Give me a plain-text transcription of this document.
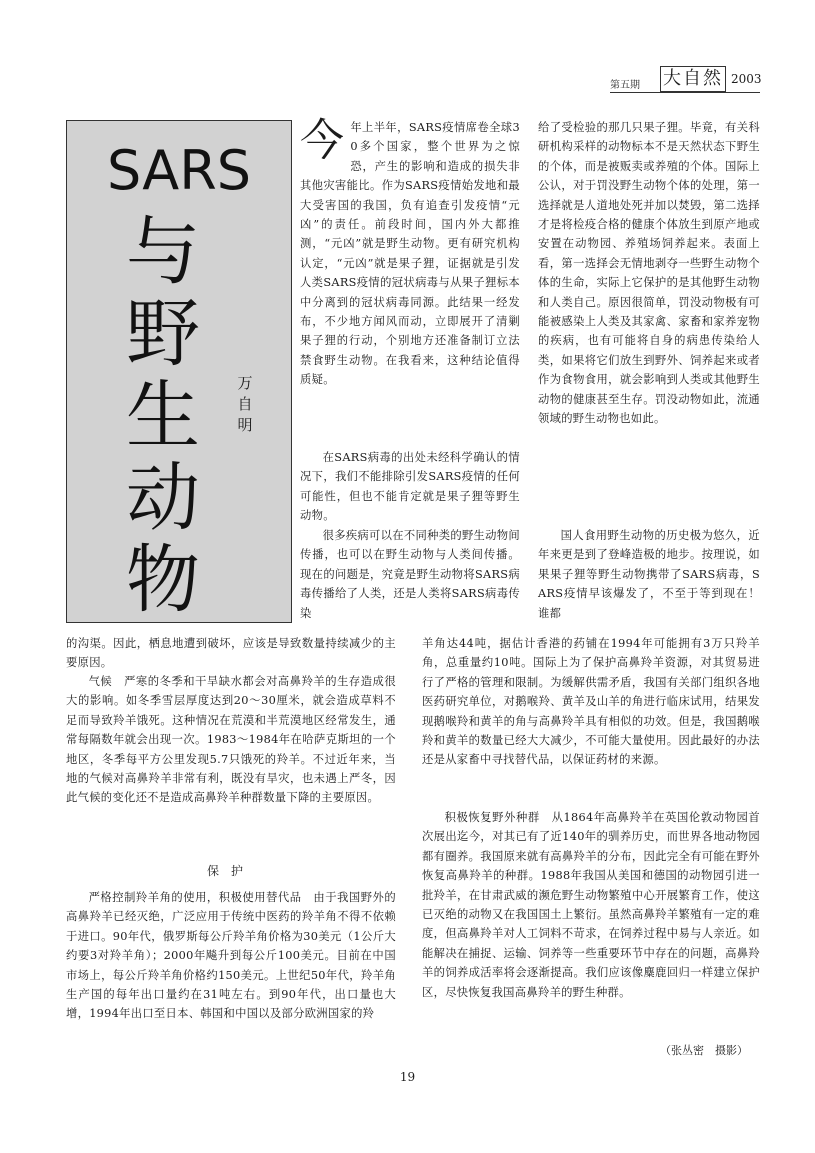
第五期 大自然 2003
SARS
与
野
生
动
物
万
自
明

今年上半年，SARS疫情席卷全球30多个国家，整个世界为之惊恐，产生的影响和造成的损失非其他灾害能比。作为SARS疫情始发地和最大受害国的我国，负有追查引发疫情“元凶”的责任。前段时间，国内外大都推测，“元凶”就是野生动物。更有研究机构认定，“元凶”就是果子狸，证据就是引发人类SARS疫情的冠状病毒与从果子狸标本中分离到的冠状病毒同源。此结果一经发布，不少地方闻风而动，立即展开了清剿果子狸的行动，个别地方还准备制订立法禁食野生动物。在我看来，这种结论值得质疑。

在SARS病毒的出处未经科学确认的情况下，我们不能排除引发SARS疫情的任何可能性，但也不能肯定就是果子狸等野生动物。

很多疾病可以在不同种类的野生动物间传播，也可以在野生动物与人类间传播。现在的问题是，究竟是野生动物将SARS病毒传播给了人类，还是人类将SARS病毒传染

给了受检验的那几只果子狸。毕竟，有关科研机构采样的动物标本不是天然状态下野生的个体，而是被贩卖或养殖的个体。国际上公认，对于罚没野生动物个体的处理，第一选择就是人道地处死并加以焚毁，第二选择才是将检疫合格的健康个体放生到原产地或安置在动物园、养殖场饲养起来。表面上看，第一选择会无情地剥夺一些野生动物个体的生命，实际上它保护的是其他野生动物和人类自己。原因很简单，罚没动物极有可能被感染上人类及其家禽、家畜和家养宠物的疾病，也有可能将自身的病患传染给人类，如果将它们放生到野外、饲养起来或者作为食物食用，就会影响到人类或其他野生动物的健康甚至生存。罚没动物如此，流通领域的野生动物也如此。

国人食用野生动物的历史极为悠久，近年来更是到了登峰造极的地步。按理说，如果果子狸等野生动物携带了SARS病毒，SARS疫情早该爆发了，不至于等到现在！谁都

的沟渠。因此，栖息地遭到破坏，应该是导致数量持续减少的主要原因。

气候　严寒的冬季和干旱缺水都会对高鼻羚羊的生存造成很大的影响。如冬季雪层厚度达到20～30厘米，就会造成草料不足而导致羚羊饿死。这种情况在荒漠和半荒漠地区经常发生，通常每隔数年就会出现一次。1983～1984年在哈萨克斯坦的一个地区，冬季每平方公里发现5.7只饿死的羚羊。不过近年来，当地的气候对高鼻羚羊非常有利，既没有旱灾，也未遇上严冬，因此气候的变化还不是造成高鼻羚羊种群数量下降的主要原因。

保护

严格控制羚羊角的使用，积极使用替代品　由于我国野外的高鼻羚羊已经灭绝，广泛应用于传统中医药的羚羊角不得不依赖于进口。90年代，俄罗斯每公斤羚羊角价格为30美元（1公斤大约要3对羚羊角）；2000年飚升到每公斤100美元。目前在中国市场上，每公斤羚羊角价格约150美元。上世纪50年代，羚羊角生产国的每年出口量约在31吨左右。到90年代，出口量也大增，1994年出口至日本、韩国和中国以及部分欧洲国家的羚

羊角达44吨，据估计香港的药铺在1994年可能拥有3万只羚羊角，总重量约10吨。国际上为了保护高鼻羚羊资源，对其贸易进行了严格的管理和限制。为缓解供需矛盾，我国有关部门组织各地医药研究单位，对鹅喉羚、黄羊及山羊的角进行临床试用，结果发现鹅喉羚和黄羊的角与高鼻羚羊具有相似的功效。但是，我国鹅喉羚和黄羊的数量已经大大减少，不可能大量使用。因此最好的办法还是从家畜中寻找替代品，以保证药材的来源。

积极恢复野外种群　从1864年高鼻羚羊在英国伦敦动物园首次展出迄今，对其已有了近140年的驯养历史，而世界各地动物园都有圈养。我国原来就有高鼻羚羊的分布，因此完全有可能在野外恢复高鼻羚羊的种群。1988年我国从美国和德国的动物园引进一批羚羊，在甘肃武威的濒危野生动物繁殖中心开展繁育工作，使这已灭绝的动物又在我国国土上繁衍。虽然高鼻羚羊繁殖有一定的难度，但高鼻羚羊对人工饲料不苛求，在饲养过程中易与人亲近。如能解决在捕捉、运输、饲养等一些重要环节中存在的问题，高鼻羚羊的饲养成活率将会逐渐提高。我们应该像麋鹿回归一样建立保护区，尽快恢复我国高鼻羚羊的野生种群。

（张丛密　摄影）
19
